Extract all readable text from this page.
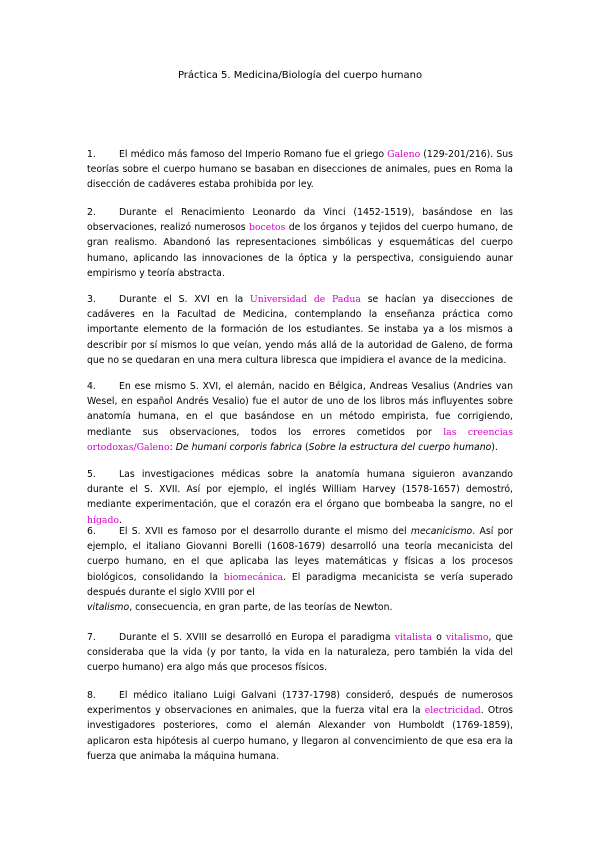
Práctica 5. Medicina/Biología del cuerpo humano
1. El médico más famoso del Imperio Romano fue el griego Galeno (129-201/216). Sus teorías sobre el cuerpo humano se basaban en disecciones de animales, pues en Roma la disección de cadáveres estaba prohibida por ley.
2. Durante el Renacimiento Leonardo da Vinci (1452-1519), basándose en las observaciones, realizó numerosos bocetos de los órganos y tejidos del cuerpo humano, de gran realismo. Abandonó las representaciones simbólicas y esquemáticas del cuerpo humano, aplicando las innovaciones de la óptica y la perspectiva, consiguiendo aunar empirismo y teoría abstracta.
3. Durante el S. XVI en la Universidad de Padua se hacían ya disecciones de cadáveres en la Facultad de Medicina, contemplando la enseñanza práctica como importante elemento de la formación de los estudiantes. Se instaba ya a los mismos a describir por sí mismos lo que veían, yendo más allá de la autoridad de Galeno, de forma que no se quedaran en una mera cultura libresca que impidiera el avance de la medicina.
4. En ese mismo S. XVI, el alemán, nacido en Bélgica, Andreas Vesalius (Andries van Wesel, en español Andrés Vesalio) fue el autor de uno de los libros más influyentes sobre anatomía humana, en el que basándose en un método empirista, fue corrigiendo, mediante sus observaciones, todos los errores cometidos por las creencias ortodoxas/Galeno: De humani corporis fabrica (Sobre la estructura del cuerpo humano).
5. Las investigaciones médicas sobre la anatomía humana siguieron avanzando durante el S. XVII. Así por ejemplo, el inglés William Harvey (1578-1657) demostró, mediante experimentación, que el corazón era el órgano que bombeaba la sangre, no el hígado.
6. El S. XVII es famoso por el desarrollo durante el mismo del mecanicismo. Así por ejemplo, el italiano Giovanni Borelli (1608-1679) desarrolló una teoría mecanicista del cuerpo humano, en el que aplicaba las leyes matemáticas y físicas a los procesos biológicos, consolidando la biomecánica. El paradigma mecanicista se vería superado después durante el siglo XVIII por el
vitalismo, consecuencia, en gran parte, de las teorías de Newton.
7. Durante el S. XVIII se desarrolló en Europa el paradigma vitalista o vitalismo, que consideraba que la vida (y por tanto, la vida en la naturaleza, pero también la vida del cuerpo humano) era algo más que procesos físicos.
8. El médico italiano Luigi Galvani (1737-1798) consideró, después de numerosos experimentos y observaciones en animales, que la fuerza vital era la electricidad. Otros investigadores posteriores, como el alemán Alexander von Humboldt (1769-1859), aplicaron esta hipótesis al cuerpo humano, y llegaron al convencimiento de que esa era la fuerza que animaba la máquina humana.
